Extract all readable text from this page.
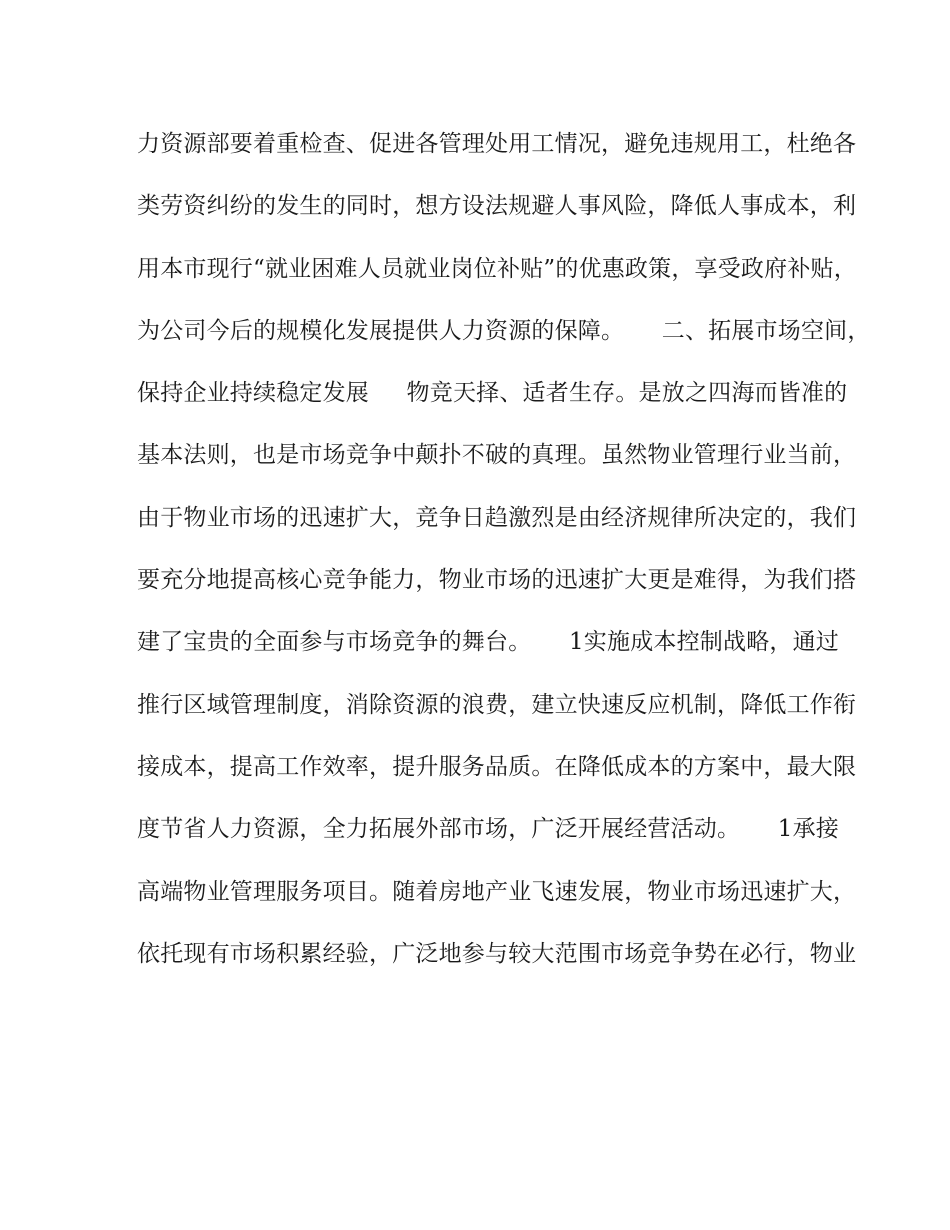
力资源部要着重检查、促进各管理处用工情况，避免违规用工，杜绝各
类劳资纠纷的发生的同时，想方设法规避人事风险，降低人事成本，利
用本市现行“就业困难人员就业岗位补贴”的优惠政策，享受政府补贴，
为公司今后的规模化发展提供人力资源的保障。     二、拓展市场空间，
保持企业持续稳定发展     物竞天择、适者生存。是放之四海而皆准的
基本法则，也是市场竞争中颠扑不破的真理。虽然物业管理行业当前，
由于物业市场的迅速扩大，竞争日趋激烈是由经济规律所决定的，我们
要充分地提高核心竞争能力，物业市场的迅速扩大更是难得，为我们搭
建了宝贵的全面参与市场竞争的舞台。     1实施成本控制战略，通过
推行区域管理制度，消除资源的浪费，建立快速反应机制，降低工作衔
接成本，提高工作效率，提升服务品质。在降低成本的方案中，最大限
度节省人力资源，全力拓展外部市场，广泛开展经营活动。     1承接
高端物业管理服务项目。随着房地产业飞速发展，物业市场迅速扩大，
依托现有市场积累经验，广泛地参与较大范围市场竞争势在必行，物业
